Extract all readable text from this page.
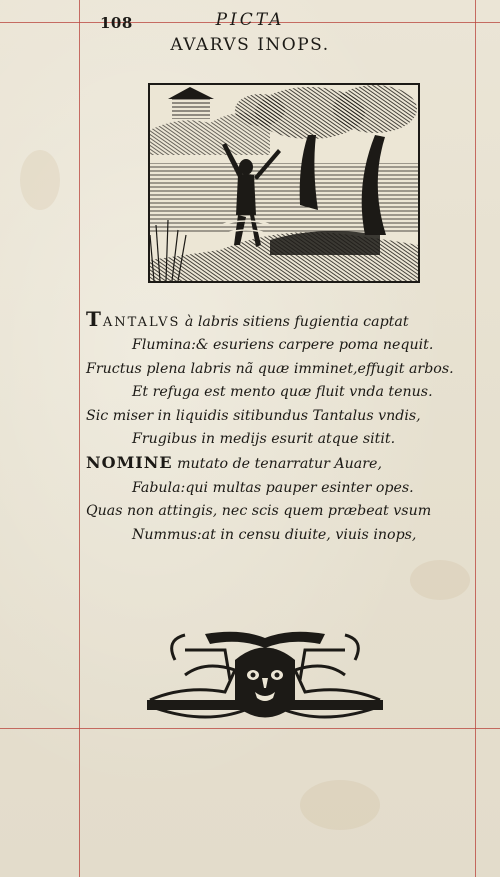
108	PICTA
AVARVS INOPS.
TANTALVS à labris sitiens fugientia captat
Flumina:& esuriens carpere poma nequit.
Fructus plena labris nã quæ imminet,effugit arbos.
Et refuga est mento quæ fluit vnda tenus.
Sic miser in liquidis sitibundus Tantalus vndis,
Frugibus in medijs esurit atque sitit.
NOMINE mutato de tenarratur Auare,
Fabula:qui multas pauper esinter opes.
Quas non attingis, nec scis quem præbeat vsum
Nummus:at in censu diuite, viuis inops,
